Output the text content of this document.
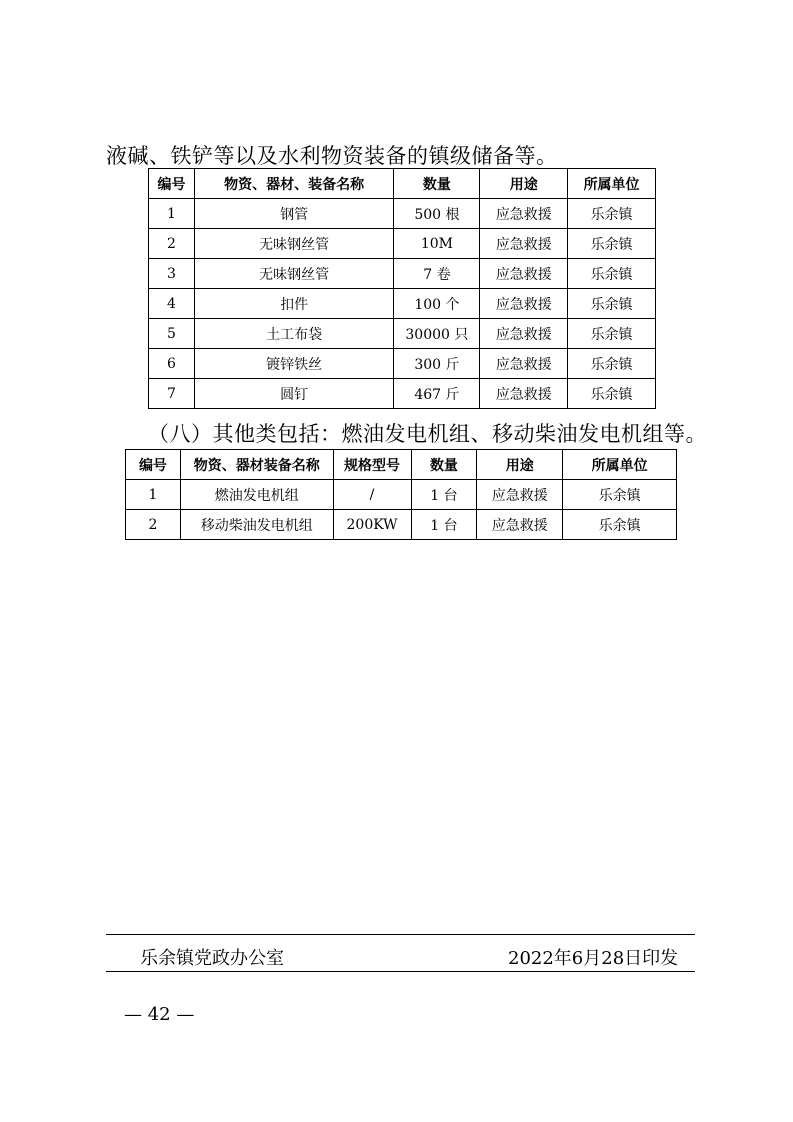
液碱、铁铲等以及水利物资装备的镇级储备等。
编号	物资、器材、装备名称	数量	用途	所属单位
1	钢管	500 根	应急救援	乐余镇
2	无味钢丝管	10M	应急救援	乐余镇
3	无味钢丝管	7 卷	应急救援	乐余镇
4	扣件	100 个	应急救援	乐余镇
5	土工布袋	30000 只	应急救援	乐余镇
6	镀锌铁丝	300 斤	应急救援	乐余镇
7	圆钉	467 斤	应急救援	乐余镇
（八）其他类包括：燃油发电机组、移动柴油发电机组等。
编号	物资、器材装备名称	规格型号	数量	用途	所属单位
1	燃油发电机组	/	1 台	应急救援	乐余镇
2	移动柴油发电机组	200KW	1 台	应急救援	乐余镇
乐余镇党政办公室	2022年6月28日印发
— 42 —
